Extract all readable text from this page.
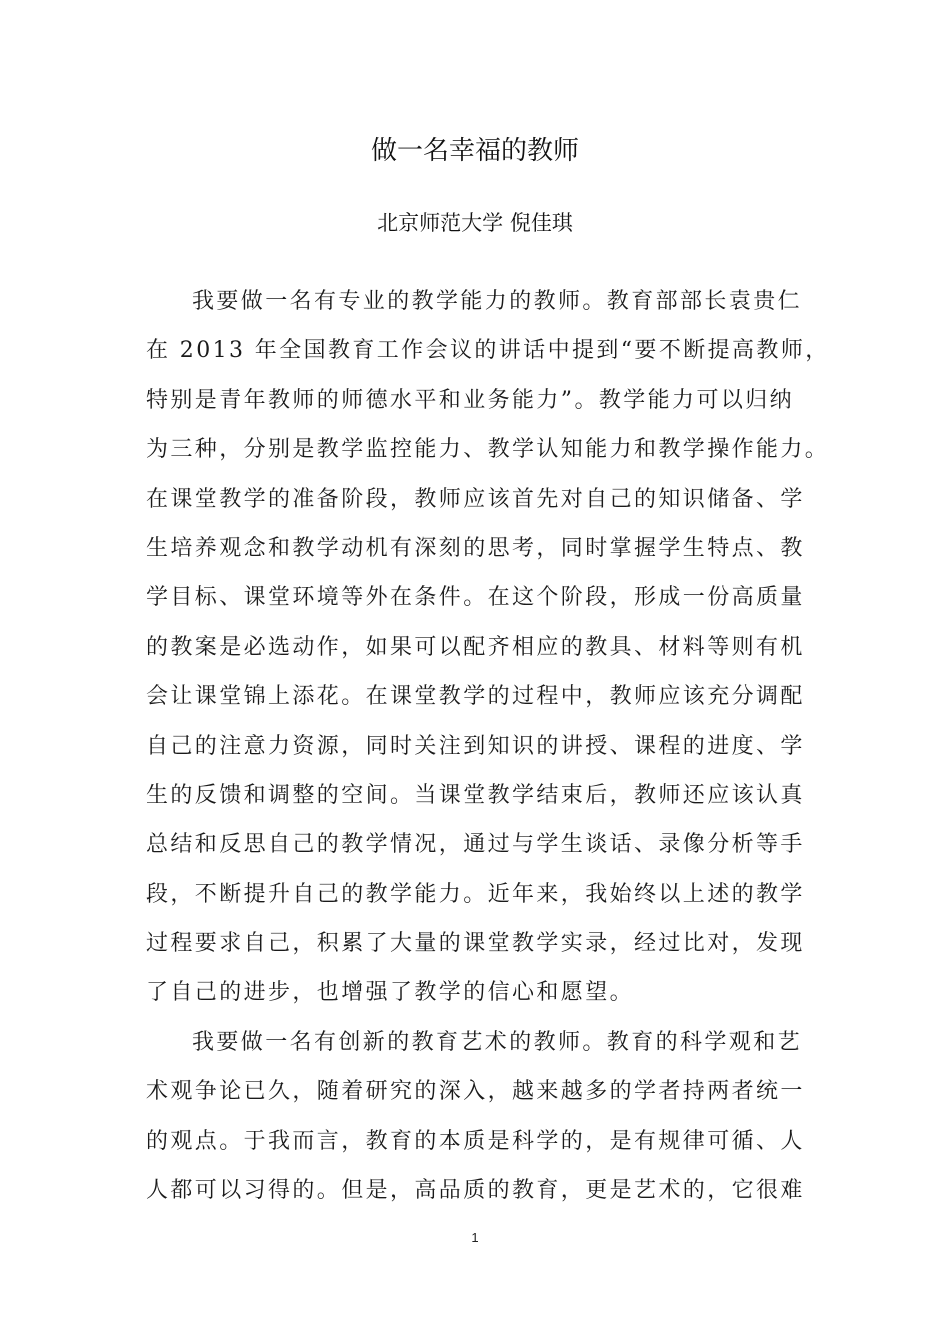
做一名幸福的教师
北京师范大学 倪佳琪
我要做一名有专业的教学能力的教师。教育部部长袁贵仁
在 2013 年全国教育工作会议的讲话中提到“要不断提高教师，
特别是青年教师的师德水平和业务能力”。教学能力可以归纳
为三种，分别是教学监控能力、教学认知能力和教学操作能力。
在课堂教学的准备阶段，教师应该首先对自己的知识储备、学
生培养观念和教学动机有深刻的思考，同时掌握学生特点、教
学目标、课堂环境等外在条件。在这个阶段，形成一份高质量
的教案是必选动作，如果可以配齐相应的教具、材料等则有机
会让课堂锦上添花。在课堂教学的过程中，教师应该充分调配
自己的注意力资源，同时关注到知识的讲授、课程的进度、学
生的反馈和调整的空间。当课堂教学结束后，教师还应该认真
总结和反思自己的教学情况，通过与学生谈话、录像分析等手
段，不断提升自己的教学能力。近年来，我始终以上述的教学
过程要求自己，积累了大量的课堂教学实录，经过比对，发现
了自己的进步，也增强了教学的信心和愿望。
我要做一名有创新的教育艺术的教师。教育的科学观和艺
术观争论已久，随着研究的深入，越来越多的学者持两者统一
的观点。于我而言，教育的本质是科学的，是有规律可循、人
人都可以习得的。但是，高品质的教育，更是艺术的，它很难
1
